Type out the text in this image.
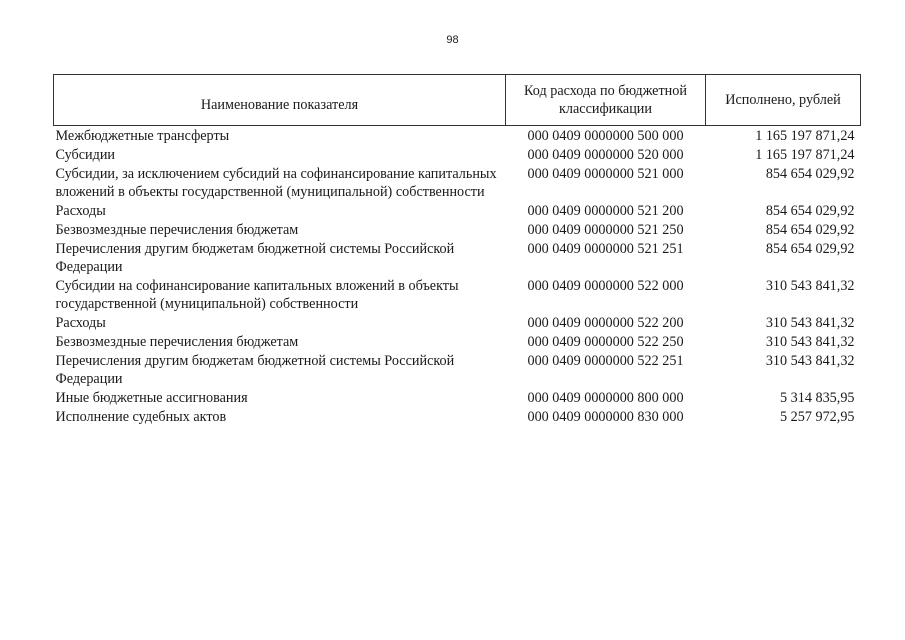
98
Наименование показателя	Код расхода по бюджетной классификации	Исполнено, рублей
Межбюджетные трансферты	000 0409 0000000 500 000	1 165 197 871,24
Субсидии	000 0409 0000000 520 000	1 165 197 871,24
Субсидии, за исключением субсидий на софинансирование капитальных вложений в объекты государственной (муниципальной) собственности	000 0409 0000000 521 000	854 654 029,92
Расходы	000 0409 0000000 521 200	854 654 029,92
Безвозмездные перечисления бюджетам	000 0409 0000000 521 250	854 654 029,92
Перечисления другим бюджетам бюджетной системы Российской Федерации	000 0409 0000000 521 251	854 654 029,92
Субсидии на софинансирование капитальных вложений в объекты государственной (муниципальной) собственности	000 0409 0000000 522 000	310 543 841,32
Расходы	000 0409 0000000 522 200	310 543 841,32
Безвозмездные перечисления бюджетам	000 0409 0000000 522 250	310 543 841,32
Перечисления другим бюджетам бюджетной системы Российской Федерации	000 0409 0000000 522 251	310 543 841,32
Иные бюджетные ассигнования	000 0409 0000000 800 000	5 314 835,95
Исполнение судебных актов	000 0409 0000000 830 000	5 257 972,95
